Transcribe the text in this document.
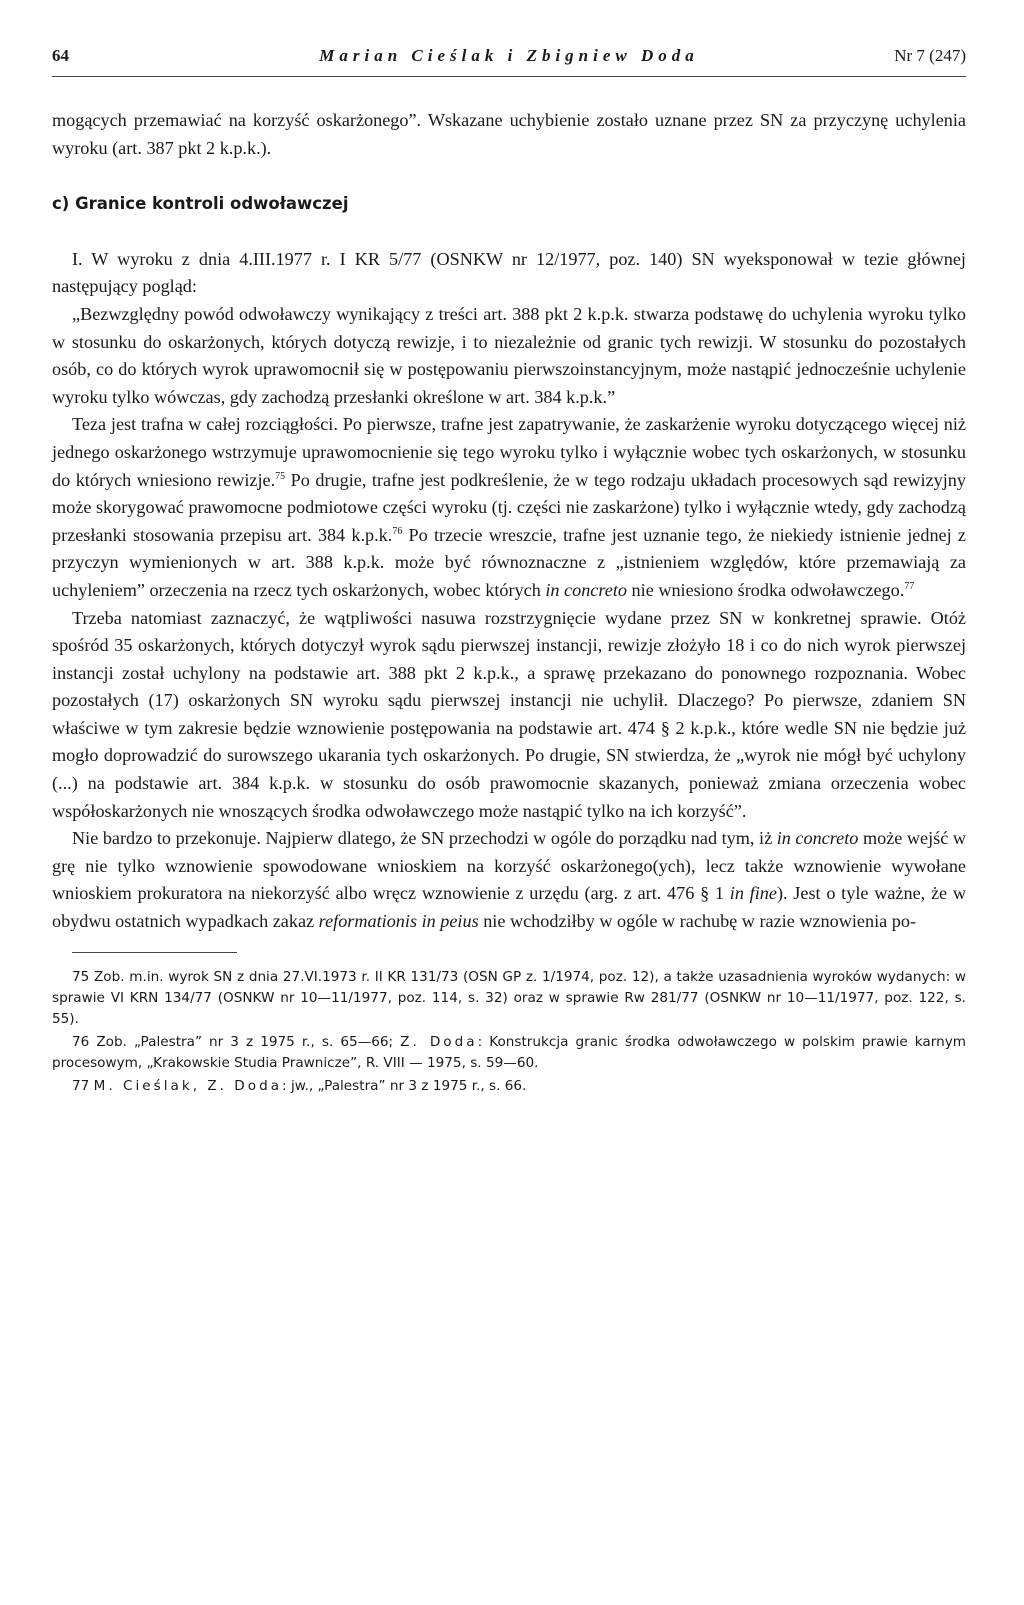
64	Marian Cieślak i Zbigniew Doda	Nr 7 (247)

mogących przemawiać na korzyść oskarżonego”. Wskazane uchybienie zostało uznane przez SN za przyczynę uchylenia wyroku (art. 387 pkt 2 k.p.k.).

c) Granice kontroli odwoławczej

I. W wyroku z dnia 4.III.1977 r. I KR 5/77 (OSNKW nr 12/1977, poz. 140) SN wyeksponował w tezie głównej następujący pogląd:

„Bezwzględny powód odwoławczy wynikający z treści art. 388 pkt 2 k.p.k. stwarza podstawę do uchylenia wyroku tylko w stosunku do oskarżonych, których dotyczą rewizje, i to niezależnie od granic tych rewizji. W stosunku do pozostałych osób, co do których wyrok uprawomocnił się w postępowaniu pierwszoinstancyjnym, może nastąpić jednocześnie uchylenie wyroku tylko wówczas, gdy zachodzą przesłanki określone w art. 384 k.p.k.”

Teza jest trafna w całej rozciągłości. Po pierwsze, trafne jest zapatrywanie, że zaskarżenie wyroku dotyczącego więcej niż jednego oskarżonego wstrzymuje uprawomocnienie się tego wyroku tylko i wyłącznie wobec tych oskarżonych, w stosunku do których wniesiono rewizje.$^{75}$ Po drugie, trafne jest podkreślenie, że w tego rodzaju układach procesowych sąd rewizyjny może skorygować prawomocne podmiotowe części wyroku (tj. części nie zaskarżone) tylko i wyłącznie wtedy, gdy zachodzą przesłanki stosowania przepisu art. 384 k.p.k.$^{76}$ Po trzecie wreszcie, trafne jest uznanie tego, że niekiedy istnienie jednej z przyczyn wymienionych w art. 388 k.p.k. może być równoznaczne z „istnieniem względów, które przemawiają za uchyleniem” orzeczenia na rzecz tych oskarżonych, wobec których in concreto nie wniesiono środka odwoławczego.$^{77}$

Trzeba natomiast zaznaczyć, że wątpliwości nasuwa rozstrzygnięcie wydane przez SN w konkretnej sprawie. Otóż spośród 35 oskarżonych, których dotyczył wyrok sądu pierwszej instancji, rewizje złożyło 18 i co do nich wyrok pierwszej instancji został uchylony na podstawie art. 388 pkt 2 k.p.k., a sprawę przekazano do ponownego rozpoznania. Wobec pozostałych (17) oskarżonych SN wyroku sądu pierwszej instancji nie uchylił. Dlaczego? Po pierwsze, zdaniem SN właściwe w tym zakresie będzie wznowienie postępowania na podstawie art. 474 § 2 k.p.k., które wedle SN nie będzie już mogło doprowadzić do surowszego ukarania tych oskarżonych. Po drugie, SN stwierdza, że „wyrok nie mógł być uchylony (...) na podstawie art. 384 k.p.k. w stosunku do osób prawomocnie skazanych, ponieważ zmiana orzeczenia wobec współoskarżonych nie wnoszących środka odwoławczego może nastąpić tylko na ich korzyść”.

Nie bardzo to przekonuje. Najpierw dlatego, że SN przechodzi w ogóle do porządku nad tym, iż in concreto może wejść w grę nie tylko wznowienie spowodowane wnioskiem na korzyść oskarżonego(ych), lecz także wznowienie wywołane wnioskiem prokuratora na niekorzyść albo wręcz wznowienie z urzędu (arg. z art. 476 § 1 in fine). Jest o tyle ważne, że w obydwu ostatnich wypadkach zakaz reformationis in peius nie wchodziłby w ogóle w rachubę w razie wznowienia po-

75 Zob. m.in. wyrok SN z dnia 27.VI.1973 r. II KR 131/73 (OSN GP z. 1/1974, poz. 12), a także uzasadnienia wyroków wydanych: w sprawie VI KRN 134/77 (OSNKW nr 10—11/1977, poz. 114, s. 32) oraz w sprawie Rw 281/77 (OSNKW nr 10—11/1977, poz. 122, s. 55).

76 Zob. „Palestra” nr 3 z 1975 r., s. 65—66; Z. Doda: Konstrukcja granic środka odwoławczego w polskim prawie karnym procesowym, „Krakowskie Studia Prawnicze”, R. VIII — 1975, s. 59—60.

77 M. Cieślak, Z. Doda: jw., „Palestra” nr 3 z 1975 r., s. 66.
